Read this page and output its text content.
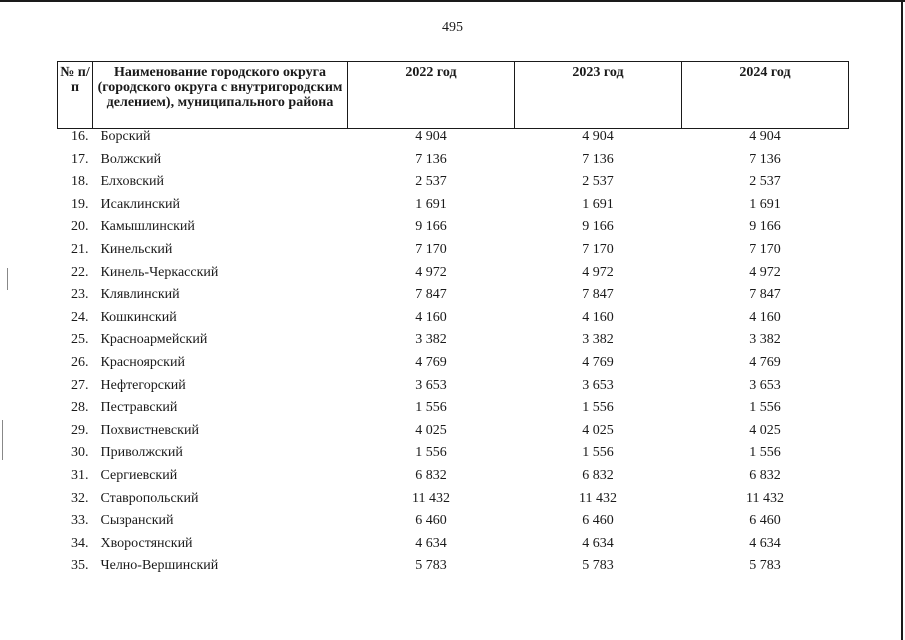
495
№ п/п	Наименование городского округа (городского округа с внутригородским делением), муниципального района	2022 год	2023 год	2024 год
16.	Борский	4 904	4 904	4 904
17.	Волжский	7 136	7 136	7 136
18.	Елховский	2 537	2 537	2 537
19.	Исаклинский	1 691	1 691	1 691
20.	Камышлинский	9 166	9 166	9 166
21.	Кинельский	7 170	7 170	7 170
22.	Кинель-Черкасский	4 972	4 972	4 972
23.	Клявлинский	7 847	7 847	7 847
24.	Кошкинский	4 160	4 160	4 160
25.	Красноармейский	3 382	3 382	3 382
26.	Красноярский	4 769	4 769	4 769
27.	Нефтегорский	3 653	3 653	3 653
28.	Пестравский	1 556	1 556	1 556
29.	Похвистневский	4 025	4 025	4 025
30.	Приволжский	1 556	1 556	1 556
31.	Сергиевский	6 832	6 832	6 832
32.	Ставропольский	11 432	11 432	11 432
33.	Сызранский	6 460	6 460	6 460
34.	Хворостянский	4 634	4 634	4 634
35.	Челно-Вершинский	5 783	5 783	5 783
